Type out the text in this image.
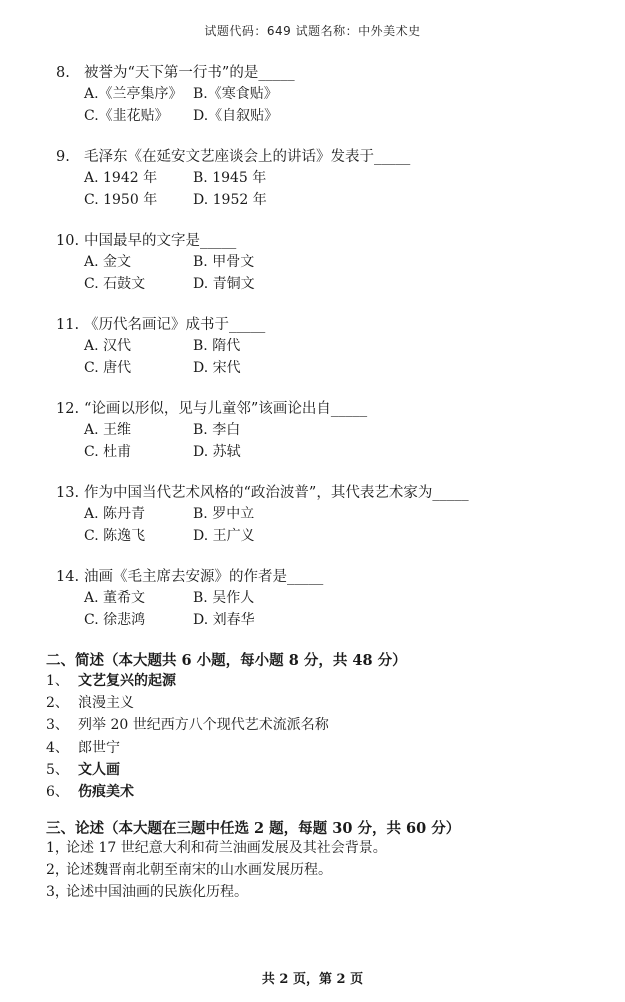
试题代码：649 试题名称：中外美术史
8. 被誉为“天下第一行书”的是_____
A.《兰亭集序》 B.《寒食贴》
C.《韭花贴》	D.《自叙贴》
9. 毛泽东《在延安文艺座谈会上的讲话》发表于_____
A. 1942 年	B. 1945 年
C. 1950 年	D. 1952 年
10. 中国最早的文字是_____
A. 金文	B. 甲骨文
C. 石鼓文	D. 青铜文
11. 《历代名画记》成书于_____
A. 汉代	B. 隋代
C. 唐代	D. 宋代
12. “论画以形似，见与儿童邻”该画论出自_____
A. 王维	B. 李白
C. 杜甫	D. 苏轼
13. 作为中国当代艺术风格的“政治波普”，其代表艺术家为_____
A. 陈丹青	B. 罗中立
C. 陈逸飞	D. 王广义
14. 油画《毛主席去安源》的作者是_____
A. 董希文	B. 吴作人
C. 徐悲鸿	D. 刘春华
二、简述（本大题共 6 小题，每小题 8 分，共 48 分）
1、 文艺复兴的起源
2、 浪漫主义
3、 列举 20 世纪西方八个现代艺术流派名称
4、 郎世宁
5、 文人画
6、 伤痕美术
三、论述（本大题在三题中任选 2 题，每题 30 分，共 60 分）
1，
论述 17 世纪意大利和荷兰油画发展及其社会背景。
2，
论述魏晋南北朝至南宋的山水画发展历程。
3，
论述中国油画的民族化历程。
共 2 页，第 2 页
